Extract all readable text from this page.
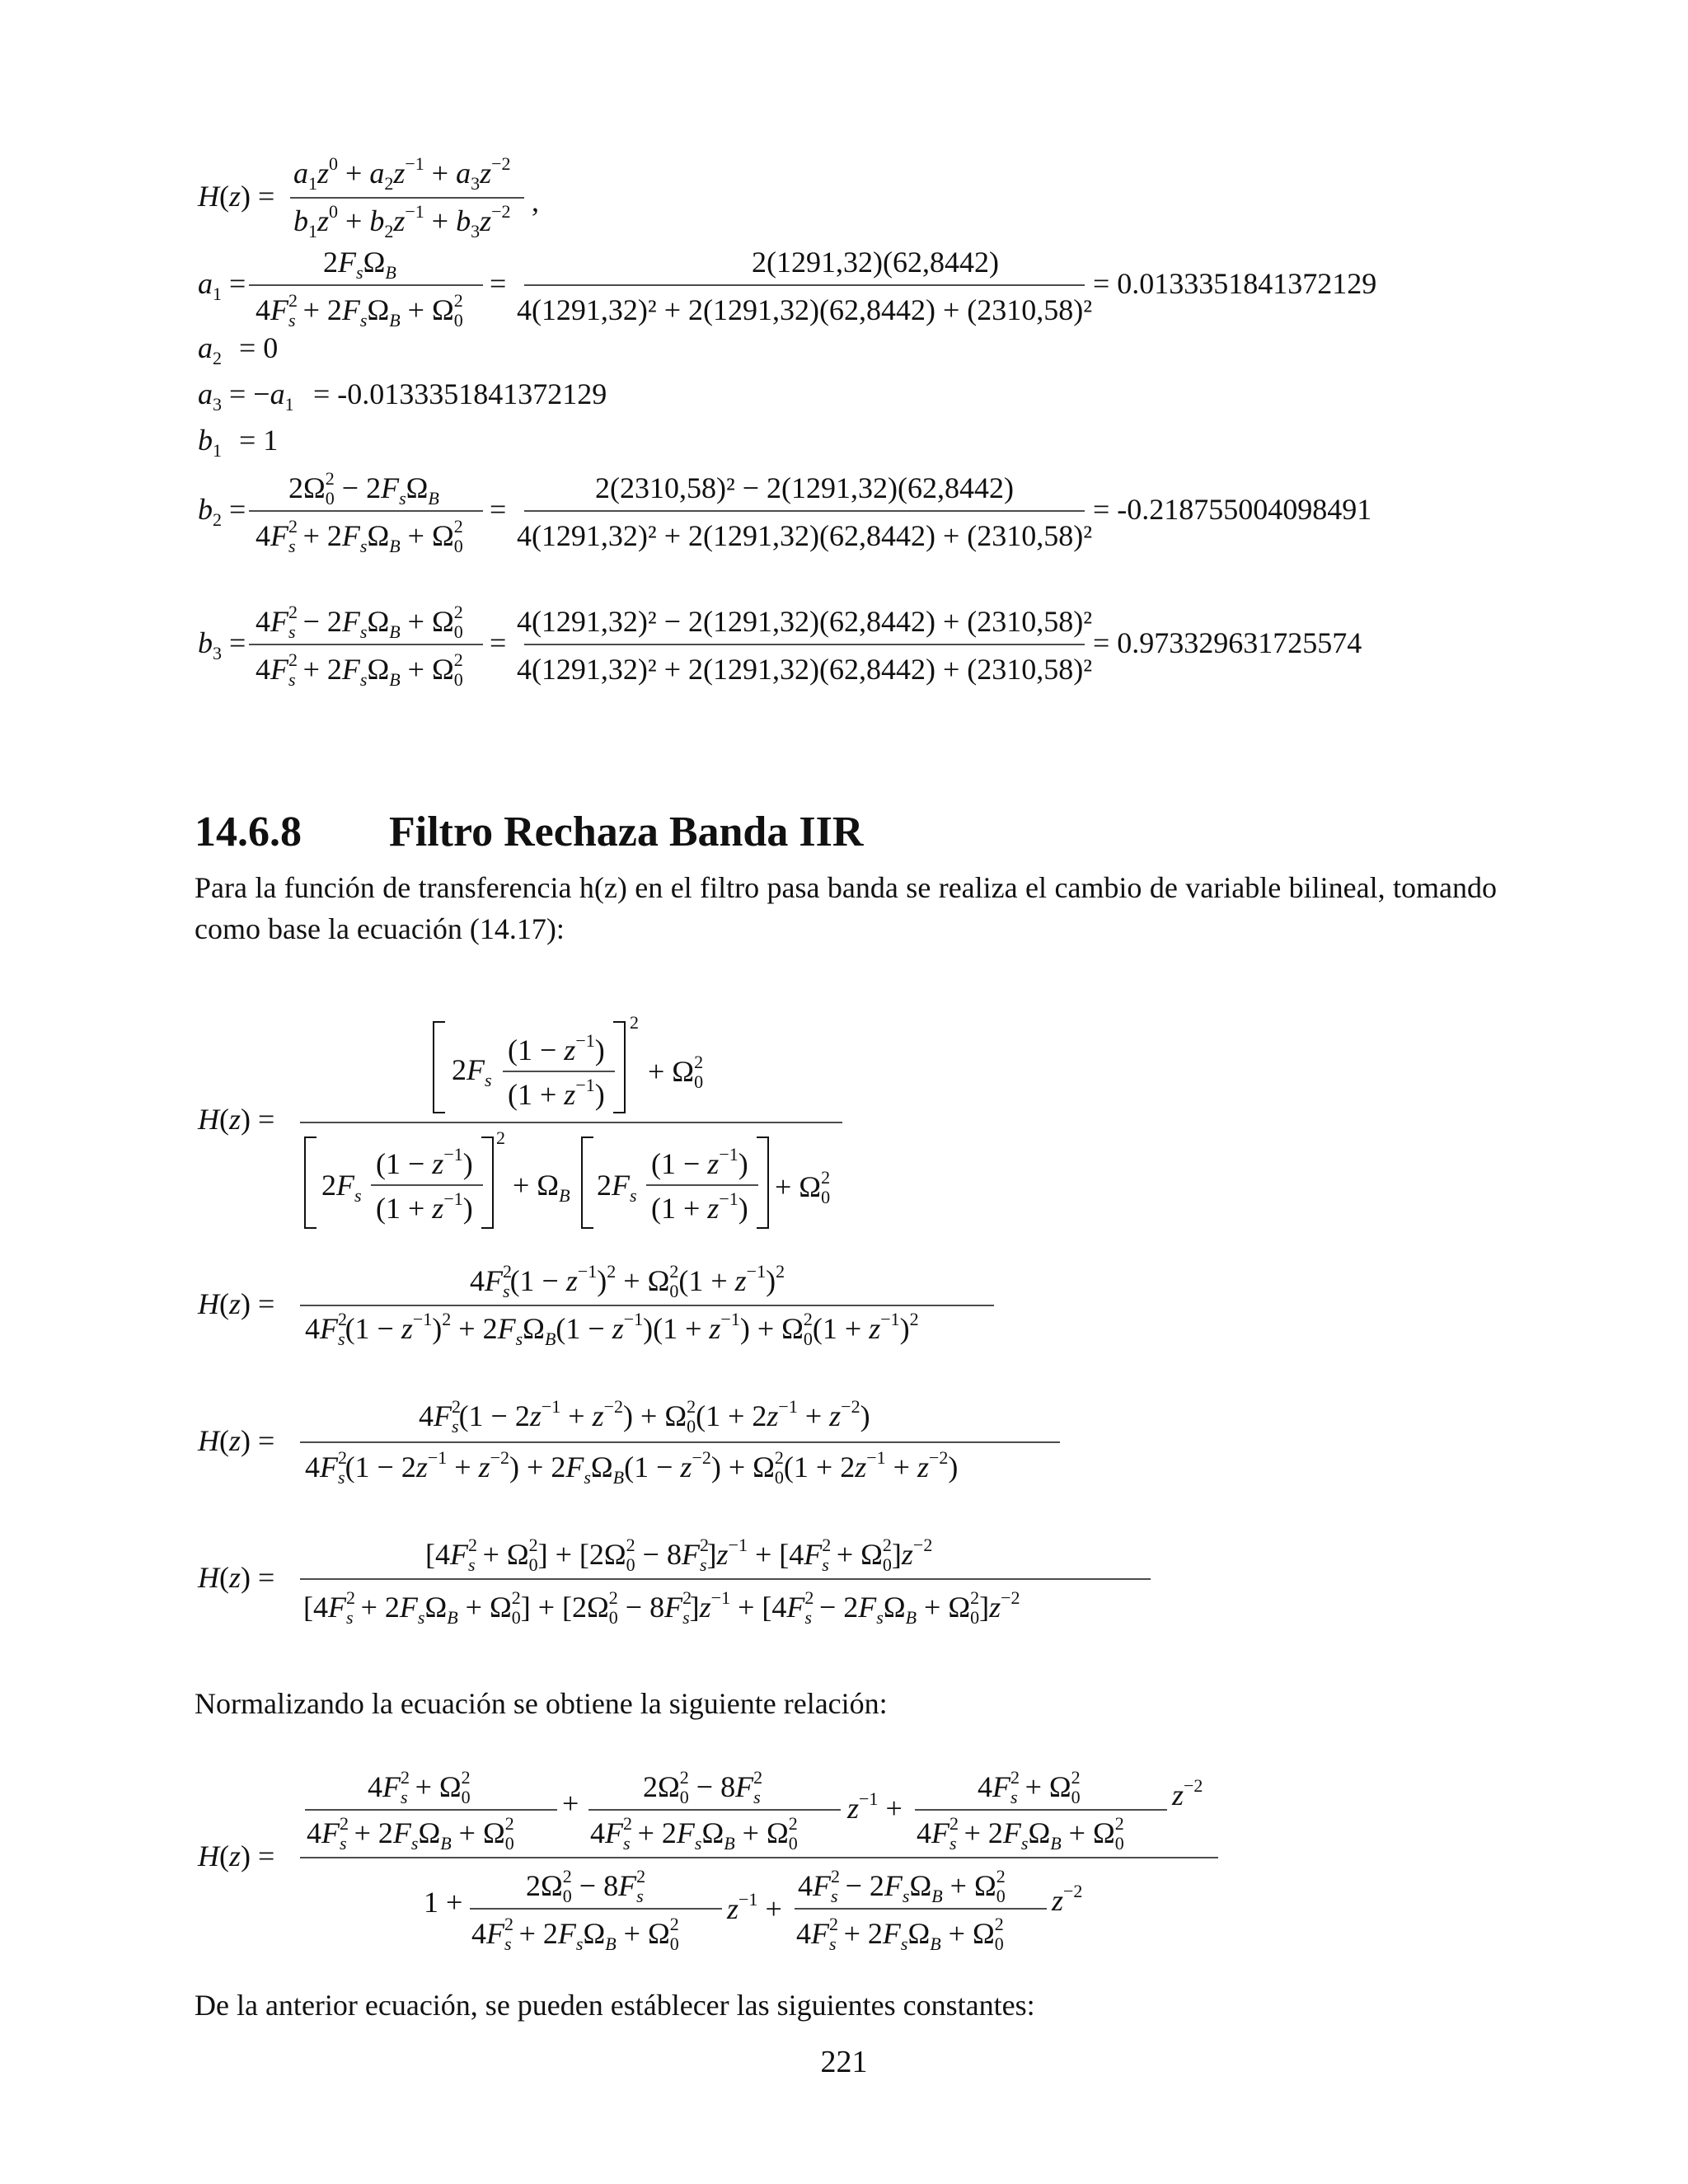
H(z) =
$a_1z^0 + a_2z^{-1} + a_3z^{-2}$
$b_1z^0 + b_2z^{-1} + b_3z^{-2}$ ,
$a_1$ =
$2F_s\Omega_B$
$4F^2$ $s + 2F_s\Omega_B + \Omega^2$ 0
=
2(1291,32)(62,8442)
4(1291,32)² + 2(1291,32)(62,8442) + (2310,58)²
= 0.0133351841372129
$a_2 = 0$
$a_3 = -a_1 = -0.0133351841372129$
$b_1 = 1$
$b_2$ =
$2\Omega^2$ $0 - 2F_s\Omega_B$
$4F^2$ $s + 2F_s\Omega_B + \Omega^2$ 0
=
2(2310,58)² − 2(1291,32)(62,8442)
4(1291,32)² + 2(1291,32)(62,8442) + (2310,58)²
= -0.218755004098491
$b_3$ =
$4F^2$ $s - 2F_s\Omega_B + \Omega^2$ 0
$4F^2$ $s + 2F_s\Omega_B + \Omega^2$ 0
=
4(1291,32)² − 2(1291,32)(62,8442) + (2310,58)²
4(1291,32)² + 2(1291,32)(62,8442) + (2310,58)²
= 0.973329631725574
H(z) =
$2F_s$
$(1 - z^{-1})$
$(1 + z^{-1})$
2
+ $\Omega^2$ 0
$2F_s$
$(1 - z^{-1})$
$(1 + z^{-1})$
2
+ $\Omega_B$ $2F_s$
$(1 - z^{-1})$
$(1 + z^{-1})$
+ $\Omega^2$ 0
H(z) =
$4F^2$ $s(1 - z^{-1})^2 + \Omega^2$ $0(1 + z^{-1})^2$
$4F^2$ $s(1 - z^{-1})^2 + 2F_s\Omega_B(1 - z^{-1})(1 + z^{-1}) + \Omega^2$ $0(1 + z^{-1})^2$
H(z) =
$4F^2$ $s(1 - 2z^{-1} + z^{-2}) + \Omega^2$ $0(1 + 2z^{-1} + z^{-2})$
$4F^2$ $s(1 - 2z^{-1} + z^{-2}) + 2F_s\Omega_B(1 - z^{-2}) + \Omega^2$ $0(1 + 2z^{-1} + z^{-2})$
H(z) =
[$4F^2$ $s + \Omega^2$ $0] + [2\Omega^2$ $0 - 8F^2$ $s]z^{-1} + [4F^2$ $s + \Omega^2$ $0]z^{-2}$
[$4F^2$ $s + 2F_s\Omega_B + \Omega^2$ $0] + [2\Omega^2$ $0 - 8F^2$ $s]z^{-1} + [4F^2$ $s - 2F_s\Omega_B + \Omega^2$ $0]z^{-2}$
H(z) =
$4F^2$ $s + \Omega^2$ 0
$4F^2$ $s + 2F_s\Omega_B + \Omega^2$ 0
+ $2\Omega^2$ $0 - 8F^2$ s
$4F^2$ $s + 2F_s\Omega_B + \Omega^2$ 0
$z^{-1}$ +
$4F^2$ $s + \Omega^2$ 0
$4F^2$ $s + 2F_s\Omega_B + \Omega^2$ 0
$z^{-2}$
$1 + 2\Omega^2$ $0 - 8F^2$ s
$4F^2$ $s + 2F_s\Omega_B + \Omega^2$ 0
$z^{-1}$ +
$4F^2$ $s - 2F_s\Omega_B + \Omega^2$ 0
$4F^2$ $s + 2F_s\Omega_B + \Omega^2$ 0
$z^{-2}$
14.6.8 Filtro Rechaza Banda IIR
Para la función de transferencia h(z) en el filtro pasa banda se realiza el cambio de variable bilineal, tomando como base la ecuación (14.17):
Normalizando la ecuación se obtiene la siguiente relación:
De la anterior ecuación, se pueden estáblecer las siguientes constantes:
221
